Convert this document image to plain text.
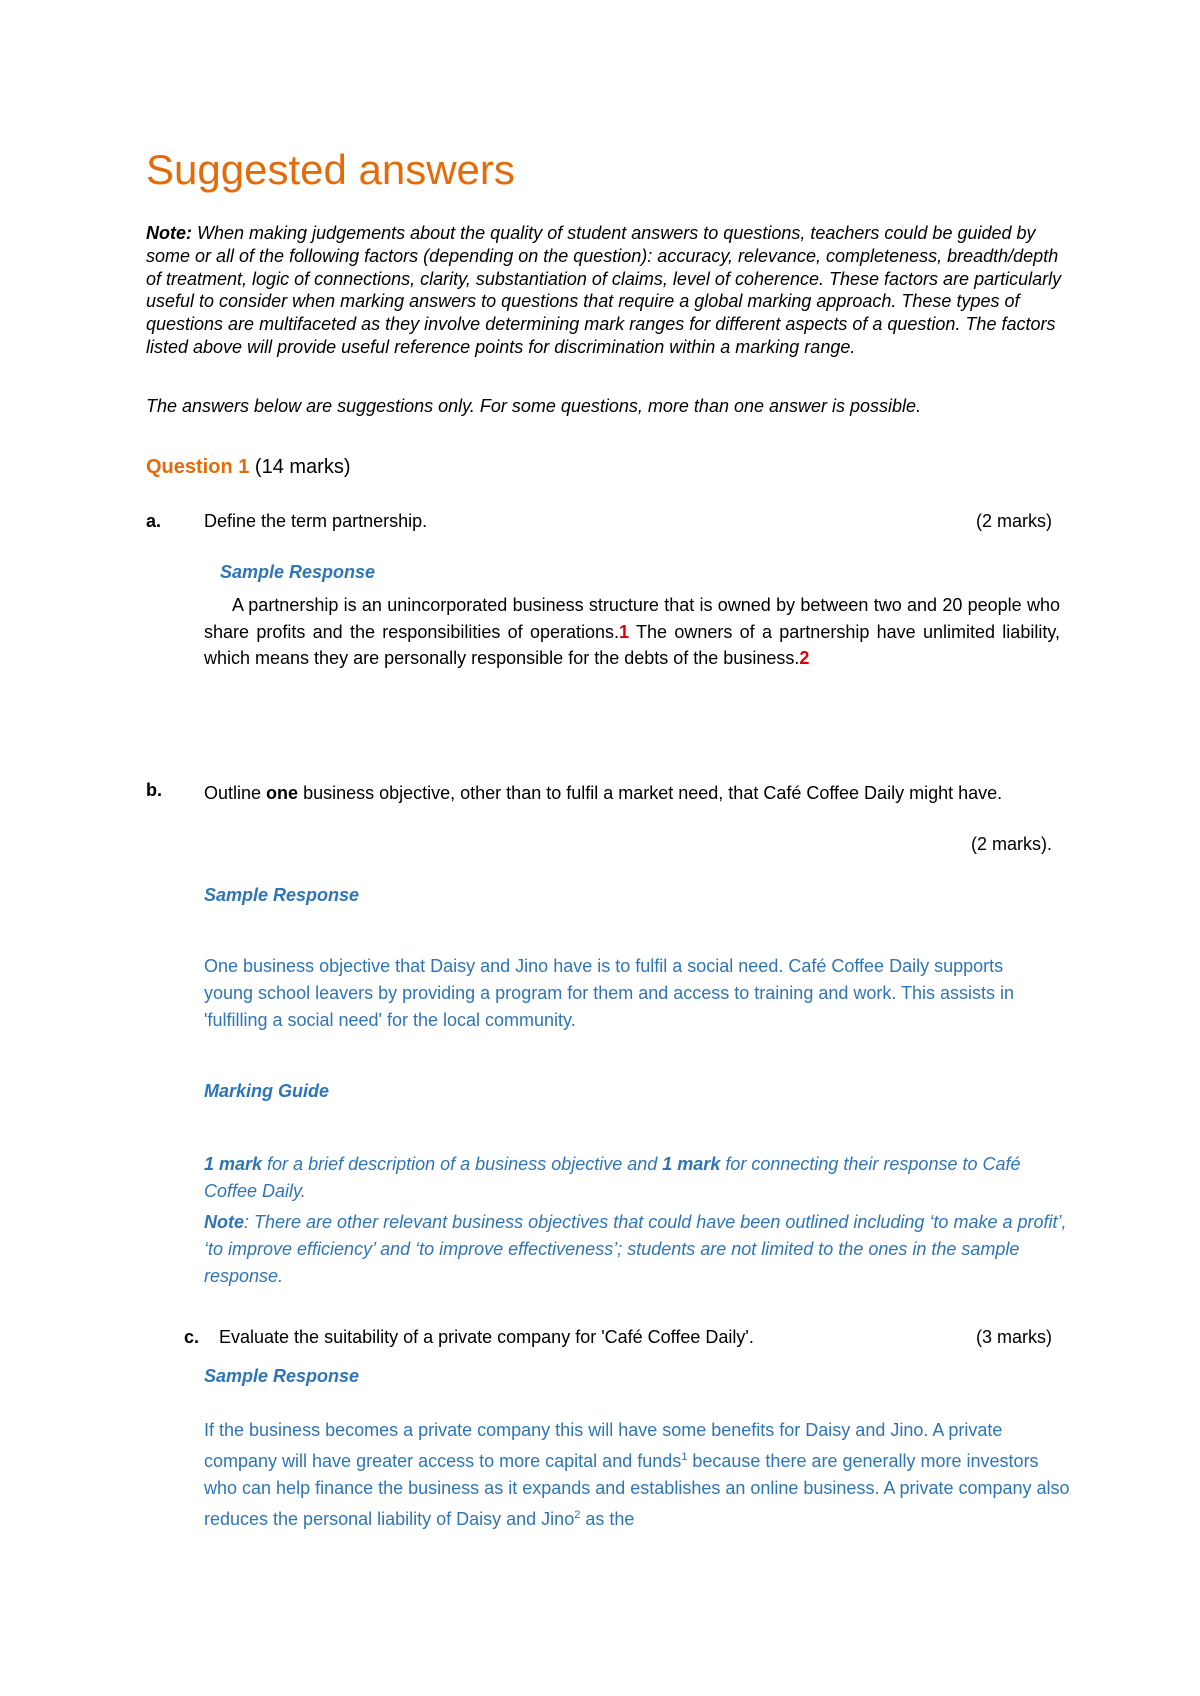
Suggested answers
Note: When making judgements about the quality of student answers to questions, teachers could be guided by some or all of the following factors (depending on the question): accuracy, relevance, completeness, breadth/depth of treatment, logic of connections, clarity, substantiation of claims, level of coherence. These factors are particularly useful to consider when marking answers to questions that require a global marking approach. These types of questions are multifaceted as they involve determining mark ranges for different aspects of a question. The factors listed above will provide useful reference points for discrimination within a marking range.
The answers below are suggestions only. For some questions, more than one answer is possible.
Question 1 (14 marks)
a. Define the term partnership.	(2 marks)
Sample Response
A partnership is an unincorporated business structure that is owned by between two and 20 people who share profits and the responsibilities of operations.1 The owners of a partnership have unlimited liability, which means they are personally responsible for the debts of the business.2
b. Outline one business objective, other than to fulfil a market need, that Café Coffee Daily might have.
(2 marks).
Sample Response
One business objective that Daisy and Jino have is to fulfil a social need. Café Coffee Daily supports young school leavers by providing a program for them and access to training and work. This assists in 'fulfilling a social need' for the local community.
Marking Guide
1 mark for a brief description of a business objective and 1 mark for connecting their response to Café Coffee Daily.
Note: There are other relevant business objectives that could have been outlined including ‘to make a profit’, ‘to improve efficiency’ and ‘to improve effectiveness’; students are not limited to the ones in the sample response.
c. Evaluate the suitability of a private company for 'Café Coffee Daily'.	(3 marks)
Sample Response
If the business becomes a private company this will have some benefits for Daisy and Jino. A private company will have greater access to more capital and funds$^1$ because there are generally more investors who can help finance the business as it expands and establishes an online business. A private company also reduces the personal liability of Daisy and Jino$^2$ as the
